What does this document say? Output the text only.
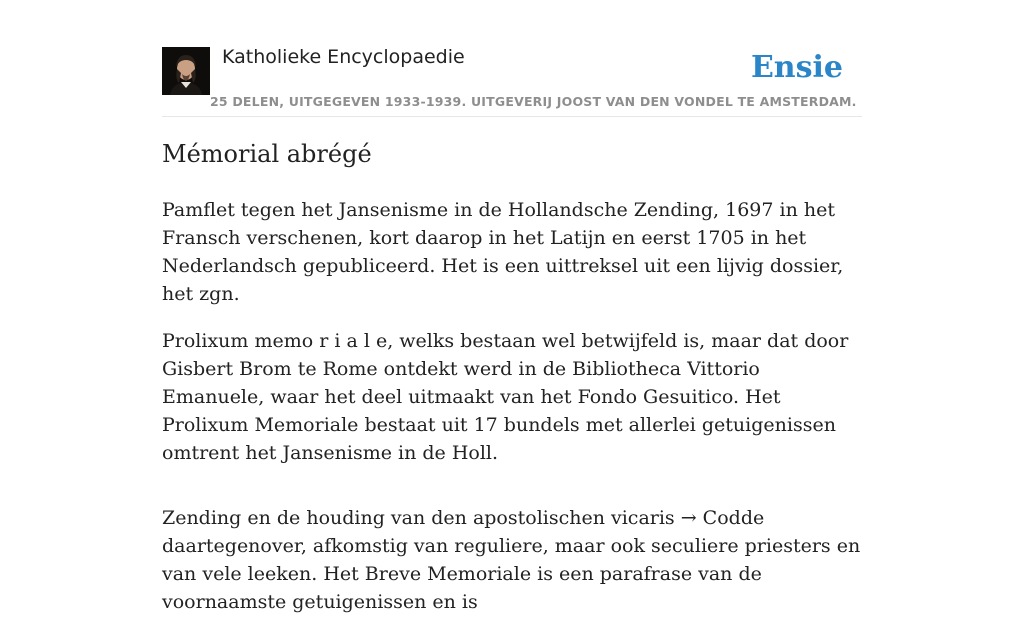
Katholieke Encyclopaedie	Ensie
25 DELEN, UITGEGEVEN 1933-1939. UITGEVERIJ JOOST VAN DEN VONDEL TE AMSTERDAM.
Mémorial abrégé

Pamflet tegen het Jansenisme in de Hollandsche Zending, 1697 in het Fransch verschenen, kort daarop in het Latijn en eerst 1705 in het Nederlandsch gepubliceerd. Het is een uittreksel uit een lijvig dossier, het zgn.

Prolixum memo r i a l e, welks bestaan wel betwijfeld is, maar dat door Gisbert Brom te Rome ontdekt werd in de Bibliotheca Vittorio Emanuele, waar het deel uitmaakt van het Fondo Gesuitico. Het Prolixum Memoriale bestaat uit 17 bundels met allerlei getuigenissen omtrent het Jansenisme in de Holl.

Zending en de houding van den apostolischen vicaris → Codde daartegenover, afkomstig van reguliere, maar ook seculiere priesters en van vele leeken. Het Breve Memoriale is een parafrase van de voornaamste getuigenissen en is
